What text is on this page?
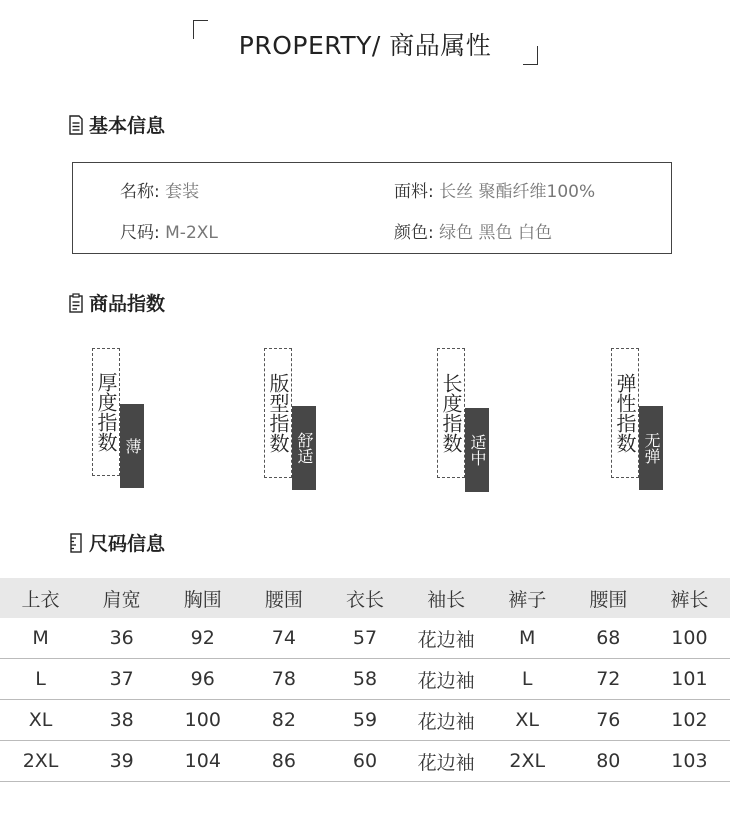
PROPERTY/ 商品属性
基本信息
名称: 套装	面料: 长丝 聚酯纤维100%
尺码: M-2XL	颜色: 绿色 黑色 白色
商品指数
厚度指数 薄	版型指数 舒适	长度指数 适中	弹性指数 无弹
尺码信息
上衣	肩宽	胸围	腰围	衣长	袖长	裤子	腰围	裤长
M	36	92	74	57	花边袖	M	68	100
L	37	96	78	58	花边袖	L	72	101
XL	38	100	82	59	花边袖	XL	76	102
2XL	39	104	86	60	花边袖	2XL	80	103
